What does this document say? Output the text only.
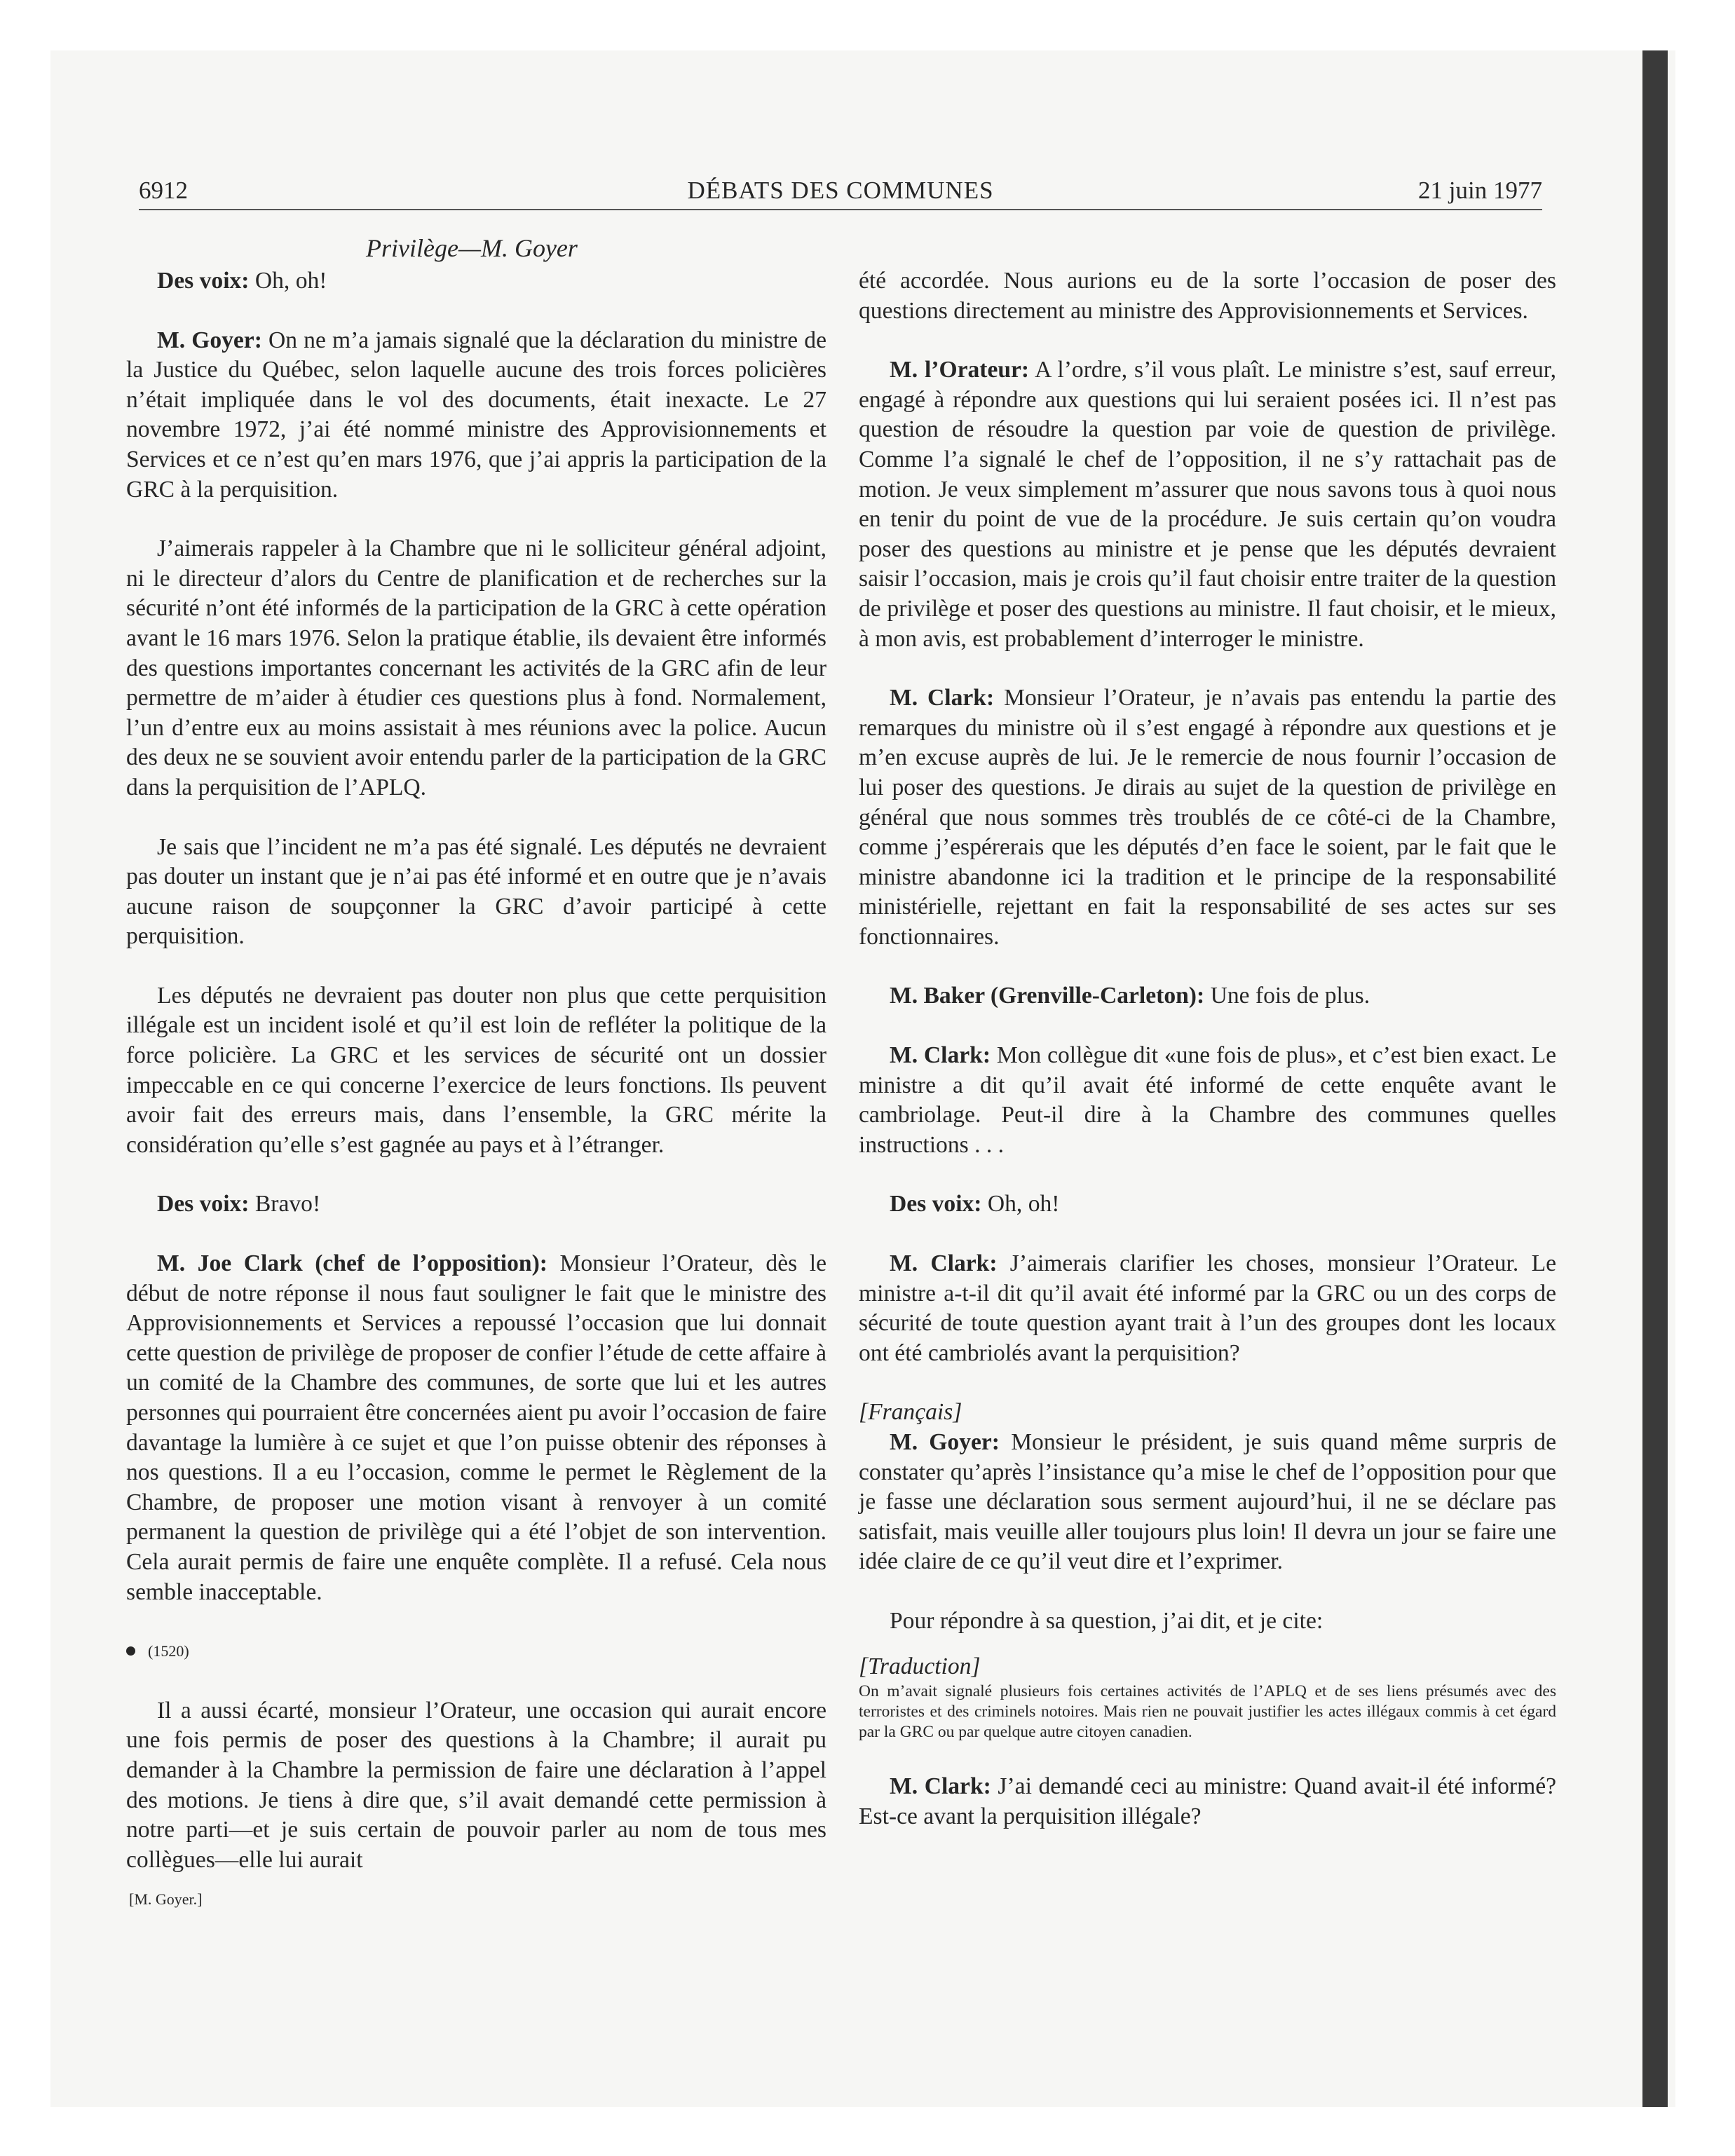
6912	DÉBATS DES COMMUNES	21 juin 1977
Privilège—M. Goyer

Des voix: Oh, oh!

M. Goyer: On ne m’a jamais signalé que la déclaration du ministre de la Justice du Québec, selon laquelle aucune des trois forces policières n’était impliquée dans le vol des documents, était inexacte. Le 27 novembre 1972, j’ai été nommé ministre des Approvisionnements et Services et ce n’est qu’en mars 1976, que j’ai appris la participation de la GRC à la perquisition.

J’aimerais rappeler à la Chambre que ni le solliciteur général adjoint, ni le directeur d’alors du Centre de planification et de recherches sur la sécurité n’ont été informés de la participation de la GRC à cette opération avant le 16 mars 1976. Selon la pratique établie, ils devaient être informés des questions importantes concernant les activités de la GRC afin de leur permettre de m’aider à étudier ces questions plus à fond. Normalement, l’un d’entre eux au moins assistait à mes réunions avec la police. Aucun des deux ne se souvient avoir entendu parler de la participation de la GRC dans la perquisition de l’APLQ.

Je sais que l’incident ne m’a pas été signalé. Les députés ne devraient pas douter un instant que je n’ai pas été informé et en outre que je n’avais aucune raison de soupçonner la GRC d’avoir participé à cette perquisition.

Les députés ne devraient pas douter non plus que cette perquisition illégale est un incident isolé et qu’il est loin de refléter la politique de la force policière. La GRC et les services de sécurité ont un dossier impeccable en ce qui concerne l’exercice de leurs fonctions. Ils peuvent avoir fait des erreurs mais, dans l’ensemble, la GRC mérite la considération qu’elle s’est gagnée au pays et à l’étranger.

Des voix: Bravo!

M. Joe Clark (chef de l’opposition): Monsieur l’Orateur, dès le début de notre réponse il nous faut souligner le fait que le ministre des Approvisionnements et Services a repoussé l’occasion que lui donnait cette question de privilège de proposer de confier l’étude de cette affaire à un comité de la Chambre des communes, de sorte que lui et les autres personnes qui pourraient être concernées aient pu avoir l’occasion de faire davantage la lumière à ce sujet et que l’on puisse obtenir des réponses à nos questions. Il a eu l’occasion, comme le permet le Règlement de la Chambre, de proposer une motion visant à renvoyer à un comité permanent la question de privilège qui a été l’objet de son intervention. Cela aurait permis de faire une enquête complète. Il a refusé. Cela nous semble inacceptable.

(1520)

Il a aussi écarté, monsieur l’Orateur, une occasion qui aurait encore une fois permis de poser des questions à la Chambre; il aurait pu demander à la Chambre la permission de faire une déclaration à l’appel des motions. Je tiens à dire que, s’il avait demandé cette permission à notre parti—et je suis certain de pouvoir parler au nom de tous mes collègues—elle lui aurait

[M. Goyer.]

été accordée. Nous aurions eu de la sorte l’occasion de poser des questions directement au ministre des Approvisionnements et Services.

M. l’Orateur: A l’ordre, s’il vous plaît. Le ministre s’est, sauf erreur, engagé à répondre aux questions qui lui seraient posées ici. Il n’est pas question de résoudre la question par voie de question de privilège. Comme l’a signalé le chef de l’opposition, il ne s’y rattachait pas de motion. Je veux simplement m’assurer que nous savons tous à quoi nous en tenir du point de vue de la procédure. Je suis certain qu’on voudra poser des questions au ministre et je pense que les députés devraient saisir l’occasion, mais je crois qu’il faut choisir entre traiter de la question de privilège et poser des questions au ministre. Il faut choisir, et le mieux, à mon avis, est probablement d’interroger le ministre.

M. Clark: Monsieur l’Orateur, je n’avais pas entendu la partie des remarques du ministre où il s’est engagé à répondre aux questions et je m’en excuse auprès de lui. Je le remercie de nous fournir l’occasion de lui poser des questions. Je dirais au sujet de la question de privilège en général que nous sommes très troublés de ce côté-ci de la Chambre, comme j’espérerais que les députés d’en face le soient, par le fait que le ministre abandonne ici la tradition et le principe de la responsabilité ministérielle, rejettant en fait la responsabilité de ses actes sur ses fonctionnaires.

M. Baker (Grenville-Carleton): Une fois de plus.

M. Clark: Mon collègue dit «une fois de plus», et c’est bien exact. Le ministre a dit qu’il avait été informé de cette enquête avant le cambriolage. Peut-il dire à la Chambre des communes quelles instructions . . .

Des voix: Oh, oh!

M. Clark: J’aimerais clarifier les choses, monsieur l’Orateur. Le ministre a-t-il dit qu’il avait été informé par la GRC ou un des corps de sécurité de toute question ayant trait à l’un des groupes dont les locaux ont été cambriolés avant la perquisition?

[Français]

M. Goyer: Monsieur le président, je suis quand même surpris de constater qu’après l’insistance qu’a mise le chef de l’opposition pour que je fasse une déclaration sous serment aujourd’hui, il ne se déclare pas satisfait, mais veuille aller toujours plus loin! Il devra un jour se faire une idée claire de ce qu’il veut dire et l’exprimer.

Pour répondre à sa question, j’ai dit, et je cite:

[Traduction]

On m’avait signalé plusieurs fois certaines activités de l’APLQ et de ses liens présumés avec des terroristes et des criminels notoires. Mais rien ne pouvait justifier les actes illégaux commis à cet égard par la GRC ou par quelque autre citoyen canadien.

M. Clark: J’ai demandé ceci au ministre: Quand avait-il été informé? Est-ce avant la perquisition illégale?
